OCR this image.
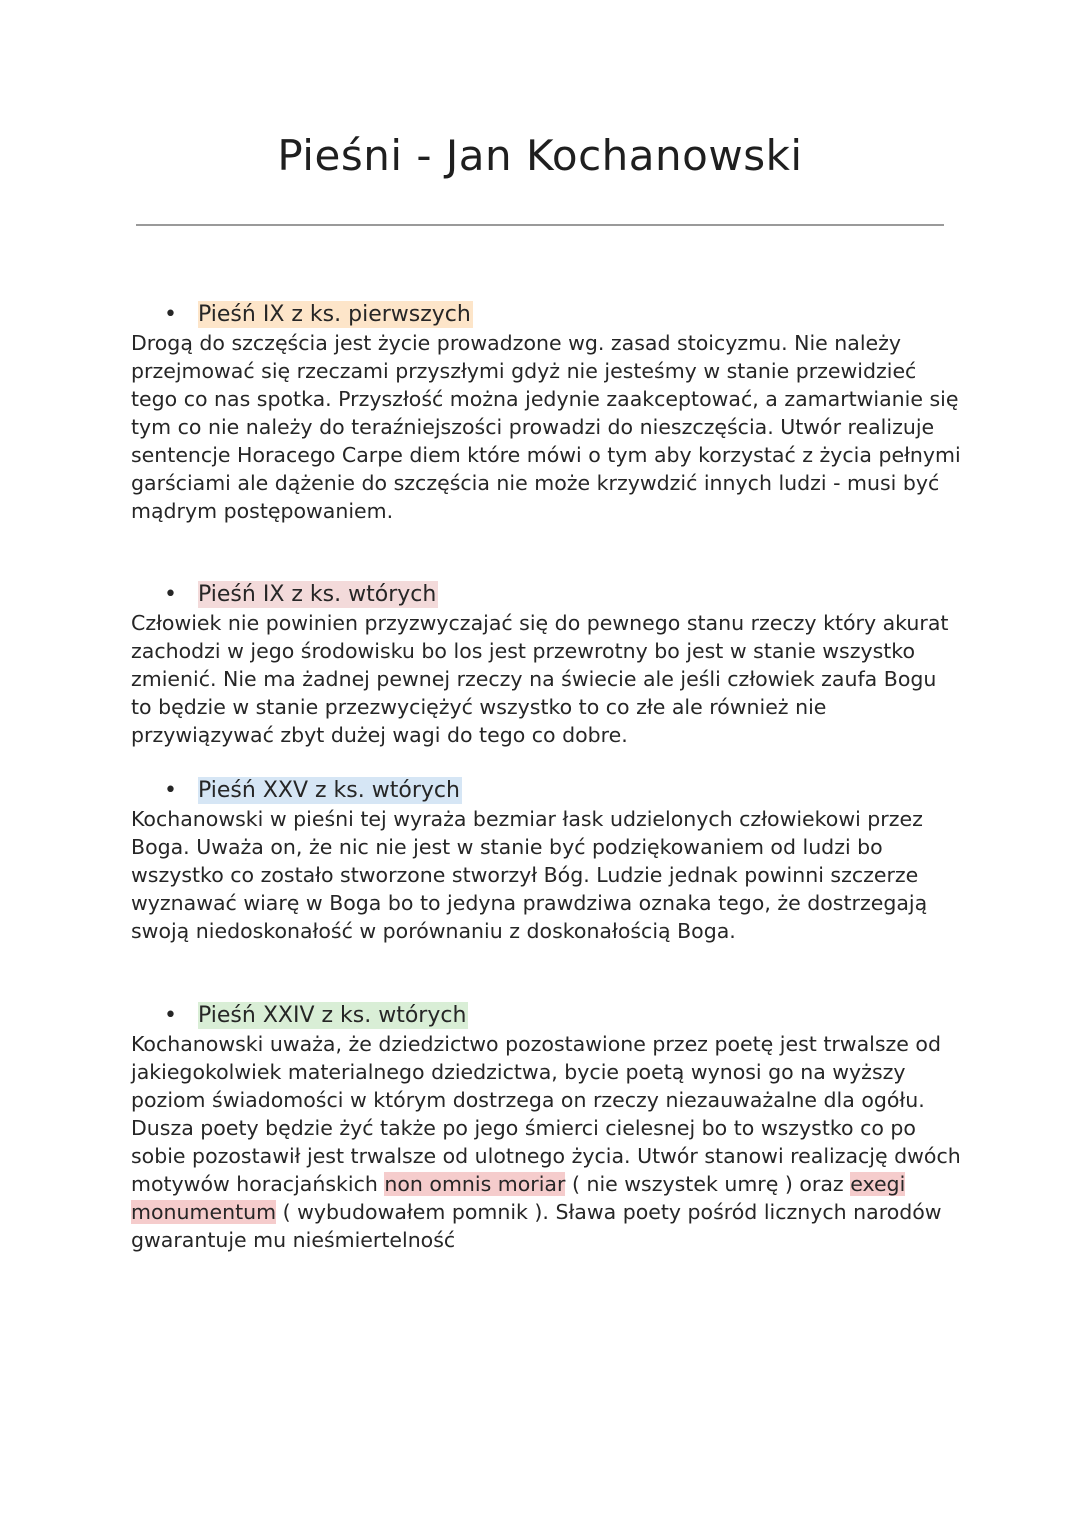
Pieśni - Jan Kochanowski
• Pieśń IX z ks. pierwszych

Drogą do szczęścia jest życie prowadzone wg. zasad stoicyzmu. Nie należy przejmować się rzeczami przyszłymi gdyż nie jesteśmy w stanie przewidzieć tego co nas spotka. Przyszłość można jedynie zaakceptować, a zamartwianie się tym co nie należy do teraźniejszości prowadzi do nieszczęścia. Utwór realizuje sentencje Horacego Carpe diem które mówi o tym aby korzystać z życia pełnymi garściami ale dążenie do szczęścia nie może krzywdzić innych ludzi - musi być mądrym postępowaniem.

• Pieśń IX z ks. wtórych

Człowiek nie powinien przyzwyczajać się do pewnego stanu rzeczy który akurat zachodzi w jego środowisku bo los jest przewrotny bo jest w stanie wszystko zmienić. Nie ma żadnej pewnej rzeczy na świecie ale jeśli człowiek zaufa Bogu to będzie w stanie przezwyciężyć wszystko to co złe ale również nie przywiązywać zbyt dużej wagi do tego co dobre.

• Pieśń XXV z ks. wtórych

Kochanowski w pieśni tej wyraża bezmiar łask udzielonych człowiekowi przez Boga. Uważa on, że nic nie jest w stanie być podziękowaniem od ludzi bo wszystko co zostało stworzone stworzył Bóg. Ludzie jednak powinni szczerze wyznawać wiarę w Boga bo to jedyna prawdziwa oznaka tego, że dostrzegają swoją niedoskonałość w porównaniu z doskonałością Boga.

• Pieśń XXIV z ks. wtórych

Kochanowski uważa, że dziedzictwo pozostawione przez poetę jest trwalsze od jakiegokolwiek materialnego dziedzictwa, bycie poetą wynosi go na wyższy poziom świadomości w którym dostrzega on rzeczy niezauważalne dla ogółu. Dusza poety będzie żyć także po jego śmierci cielesnej bo to wszystko co po sobie pozostawił jest trwalsze od ulotnego życia. Utwór stanowi realizację dwóch motywów horacjańskich non omnis moriar ( nie wszystek umrę ) oraz exegi monumentum ( wybudowałem pomnik ). Sława poety pośród licznych narodów gwarantuje mu nieśmiertelność
